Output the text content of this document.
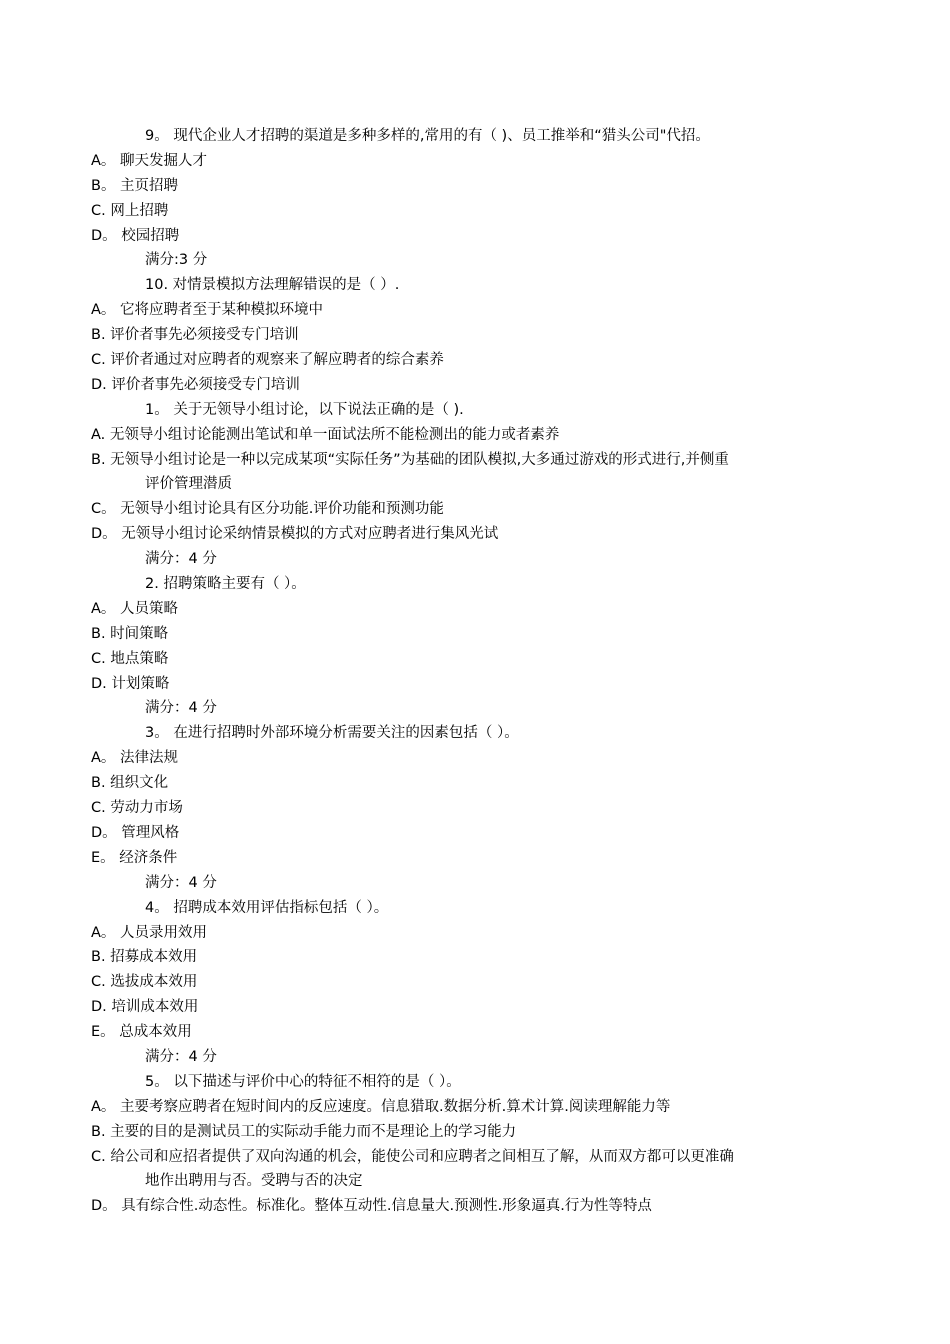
9。 现代企业人才招聘的渠道是多种多样的,常用的有（ )、员工推举和“猎头公司"代招。
A。 聊天发掘人才
B。 主页招聘
C. 网上招聘
D。 校园招聘
满分:3 分
10. 对情景模拟方法理解错误的是（ ）.
A。 它将应聘者至于某种模拟环境中
B. 评价者事先必须接受专门培训
C. 评价者通过对应聘者的观察来了解应聘者的综合素养
D. 评价者事先必须接受专门培训
1。 关于无领导小组讨论，以下说法正确的是（ ).
A. 无领导小组讨论能测出笔试和单一面试法所不能检测出的能力或者素养
B. 无领导小组讨论是一种以完成某项“实际任务”为基础的团队模拟,大多通过游戏的形式进行,并侧重
评价管理潜质
C。 无领导小组讨论具有区分功能.评价功能和预测功能
D。 无领导小组讨论采纳情景模拟的方式对应聘者进行集风光试
满分：4 分
2. 招聘策略主要有（ ）。
A。 人员策略
B. 时间策略
C. 地点策略
D. 计划策略
满分：4 分
3。 在进行招聘时外部环境分析需要关注的因素包括（ ）。
A。 法律法规
B. 组织文化
C. 劳动力市场
D。 管理风格
E。 经济条件
满分：4 分
4。 招聘成本效用评估指标包括（ ）。
A。 人员录用效用
B. 招募成本效用
C. 选拔成本效用
D. 培训成本效用
E。 总成本效用
满分：4 分
5。 以下描述与评价中心的特征不相符的是（ ）。
A。 主要考察应聘者在短时间内的反应速度。信息猎取.数据分析.算术计算.阅读理解能力等
B. 主要的目的是测试员工的实际动手能力而不是理论上的学习能力
C. 给公司和应招者提供了双向沟通的机会，能使公司和应聘者之间相互了解，从而双方都可以更准确
地作出聘用与否。受聘与否的决定
D。 具有综合性.动态性。标准化。整体互动性.信息量大.预测性.形象逼真.行为性等特点
